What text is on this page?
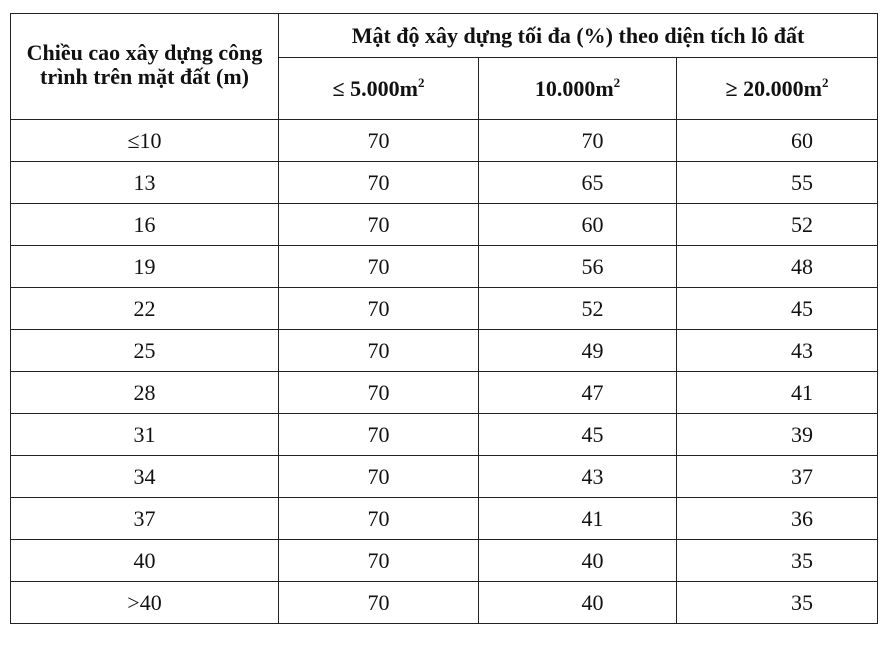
Chiều cao xây dựng công trình trên mặt đất (m)	Mật độ xây dựng tối đa (%) theo diện tích lô đất		
	≤ $5.000m^2$	$10.000m^2$	≥ $20.000m^2$
≤10	70	70	60
13	70	65	55
16	70	60	52
19	70	56	48
22	70	52	45
25	70	49	43
28	70	47	41
31	70	45	39
34	70	43	37
37	70	41	36
40	70	40	35
>40	70	40	35
